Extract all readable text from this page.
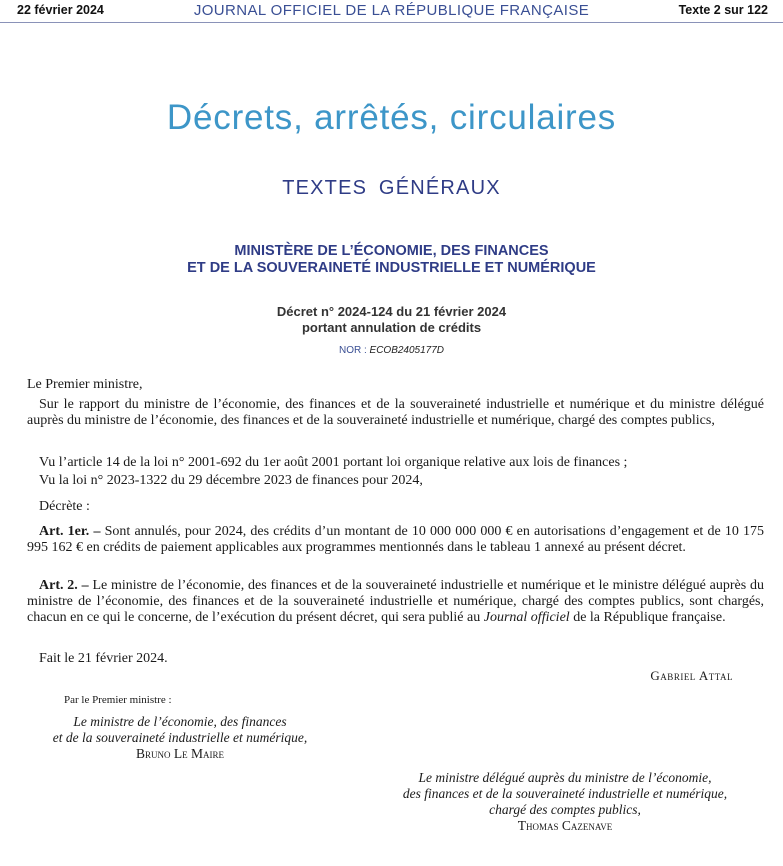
22 février 2024	JOURNAL OFFICIEL DE LA RÉPUBLIQUE FRANÇAISE	Texte 2 sur 122
Décrets, arrêtés, circulaires
TEXTES GÉNÉRAUX
MINISTÈRE DE L’ÉCONOMIE, DES FINANCES
ET DE LA SOUVERAINETÉ INDUSTRIELLE ET NUMÉRIQUE
Décret n° 2024-124 du 21 février 2024
portant annulation de crédits
NOR : ECOB2405177D
Le Premier ministre,
Sur le rapport du ministre de l’économie, des finances et de la souveraineté industrielle et numérique et du ministre délégué auprès du ministre de l’économie, des finances et de la souveraineté industrielle et numérique, chargé des comptes publics,
Vu l’article 14 de la loi n° 2001-692 du 1er août 2001 portant loi organique relative aux lois de finances ;
Vu la loi n° 2023-1322 du 29 décembre 2023 de finances pour 2024,
Décrète :
Art. 1er. – Sont annulés, pour 2024, des crédits d’un montant de 10 000 000 000 € en autorisations d’engagement et de 10 175 995 162 € en crédits de paiement applicables aux programmes mentionnés dans le tableau 1 annexé au présent décret.
Art. 2. – Le ministre de l’économie, des finances et de la souveraineté industrielle et numérique et le ministre délégué auprès du ministre de l’économie, des finances et de la souveraineté industrielle et numérique, chargé des comptes publics, sont chargés, chacun en ce qui le concerne, de l’exécution du présent décret, qui sera publié au Journal officiel de la République française.
Fait le 21 février 2024.
Gabriel Attal
Par le Premier ministre :
Le ministre de l’économie, des finances
et de la souveraineté industrielle et numérique,
Bruno Le Maire
Le ministre délégué auprès du ministre de l’économie,
des finances et de la souveraineté industrielle et numérique,
chargé des comptes publics,
Thomas Cazenave
